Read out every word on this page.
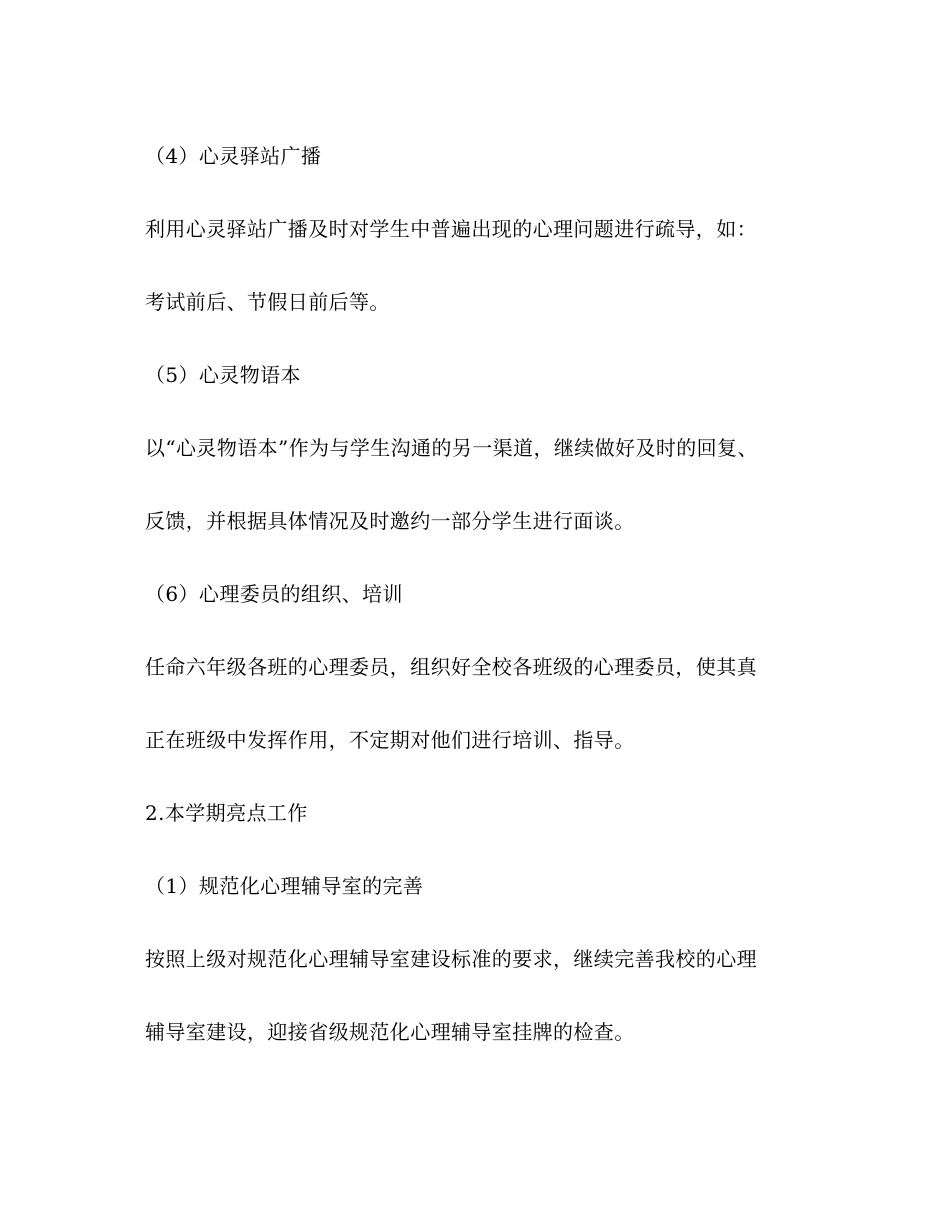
（4）心灵驿站广播
利用心灵驿站广播及时对学生中普遍出现的心理问题进行疏导，如：
考试前后、节假日前后等。
（5）心灵物语本
以“心灵物语本”作为与学生沟通的另一渠道，继续做好及时的回复、
反馈，并根据具体情况及时邀约一部分学生进行面谈。
（6）心理委员的组织、培训
任命六年级各班的心理委员，组织好全校各班级的心理委员，使其真
正在班级中发挥作用，不定期对他们进行培训、指导。
2.本学期亮点工作
（1）规范化心理辅导室的完善
按照上级对规范化心理辅导室建设标准的要求，继续完善我校的心理
辅导室建设，迎接省级规范化心理辅导室挂牌的检查。
